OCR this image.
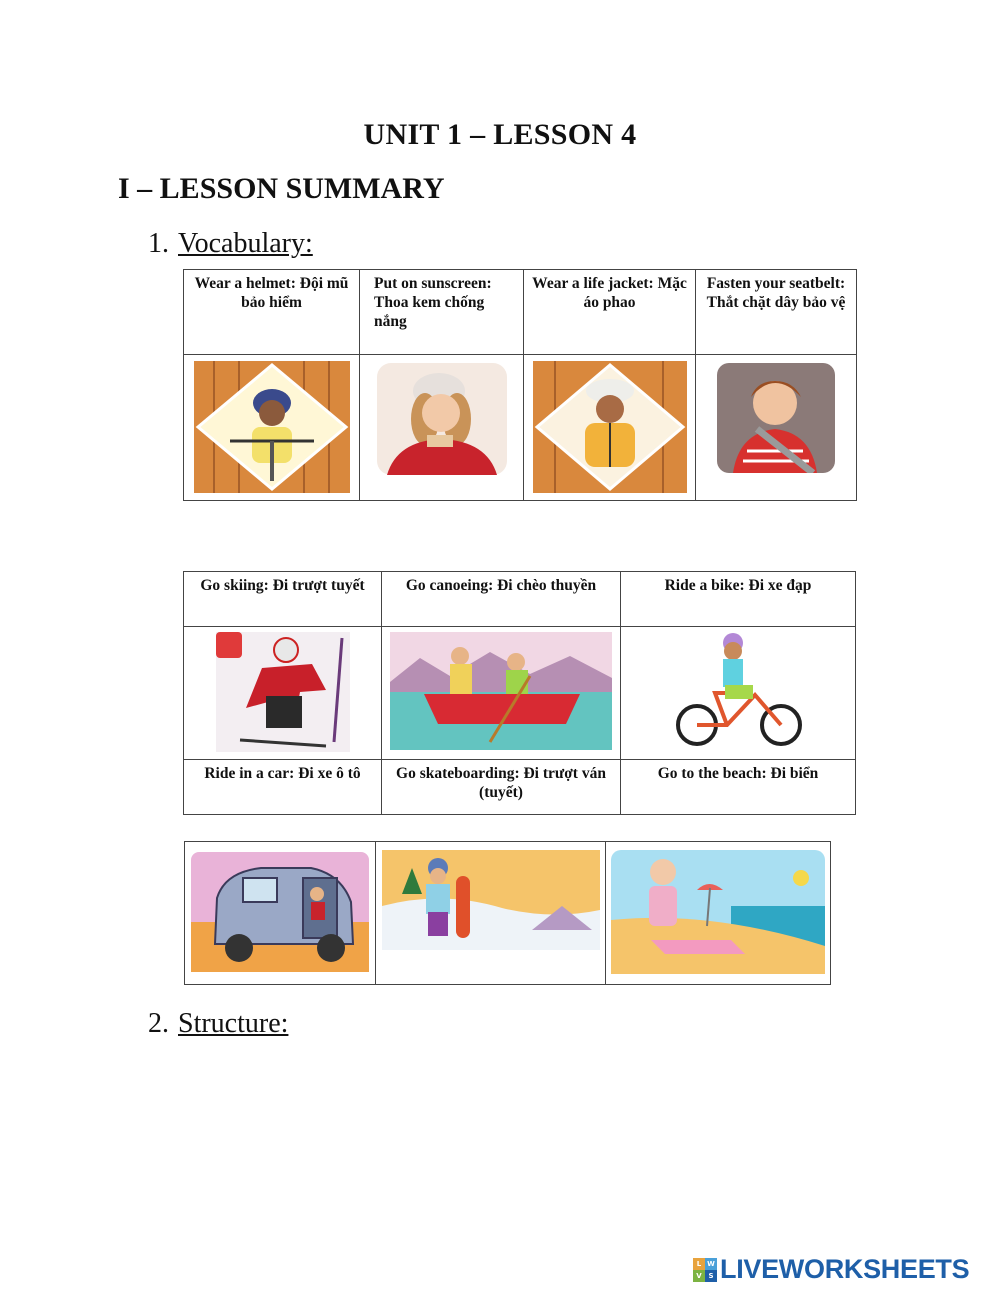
UNIT 1 – LESSON 4
I – LESSON SUMMARY
1. Vocabulary:
Wear a helmet: Đội mũ bảo hiểm	Put on sunscreen: Thoa kem chống nắng	Wear a life jacket: Mặc áo phao	Fasten your seatbelt: Thắt chặt dây bảo vệ

Go skiing: Đi trượt tuyết	Go canoeing: Đi chèo thuyền	Ride a bike: Đi xe đạp

Ride in a car: Đi xe ô tô	Go skateboarding: Đi trượt ván (tuyết)	Go to the beach: Đi biển

2. Structure:
L W
V S LIVEWORKSHEETS
